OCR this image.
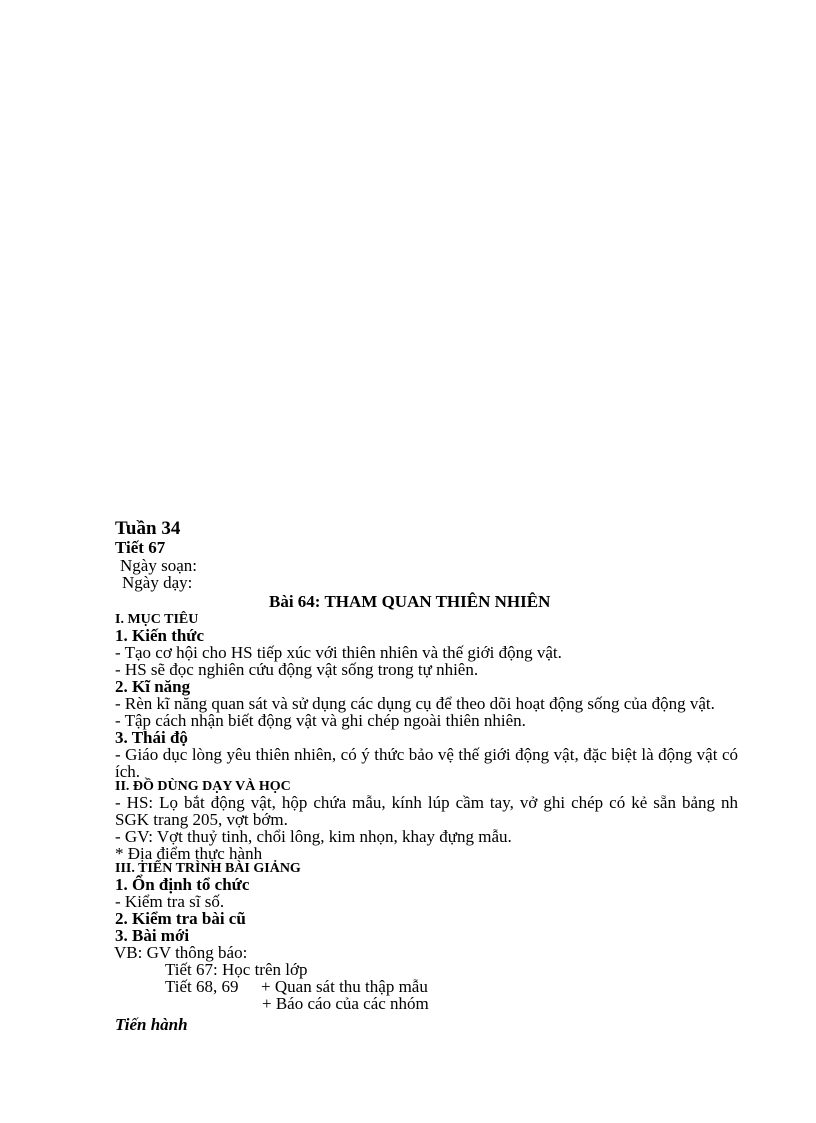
Tuần 34
Tiết 67
Ngày soạn:
Ngày dạy:
Bài 64: THAM QUAN THIÊN NHIÊN
I. MỤC TIÊU
1. Kiến thức
- Tạo cơ hội cho HS tiếp xúc với thiên nhiên và thế giới động vật.
- HS sẽ đọc nghiên cứu động vật sống trong tự nhiên.
2. Kĩ năng
- Rèn kĩ năng quan sát và sử dụng các dụng cụ để theo dõi hoạt động sống của động vật.
- Tập cách nhận biết động vật và ghi chép ngoài thiên nhiên.
3. Thái độ
- Giáo dục lòng yêu thiên nhiên, có ý thức bảo vệ thế giới động vật, đặc biệt là động vật có ích.
II. ĐỒ DÙNG DẠY VÀ HỌC
- HS: Lọ bắt động vật, hộp chứa mẫu, kính lúp cầm tay, vở ghi chép có kẻ sẵn bảng nh SGK trang 205, vợt bớm.
- GV: Vợt thuỷ tinh, chổi lông, kim nhọn, khay đựng mẫu.
* Địa điểm thực hành
III. TIẾN TRÌNH BÀI GIẢNG
1. Ổn định tổ chức
- Kiểm tra sĩ số.
2. Kiểm tra bài cũ
3. Bài mới
VB: GV thông báo:
Tiết 67: Học trên lớp
Tiết 68, 69 + Quan sát thu thập mẫu
+ Báo cáo của các nhóm
Tiến hành
